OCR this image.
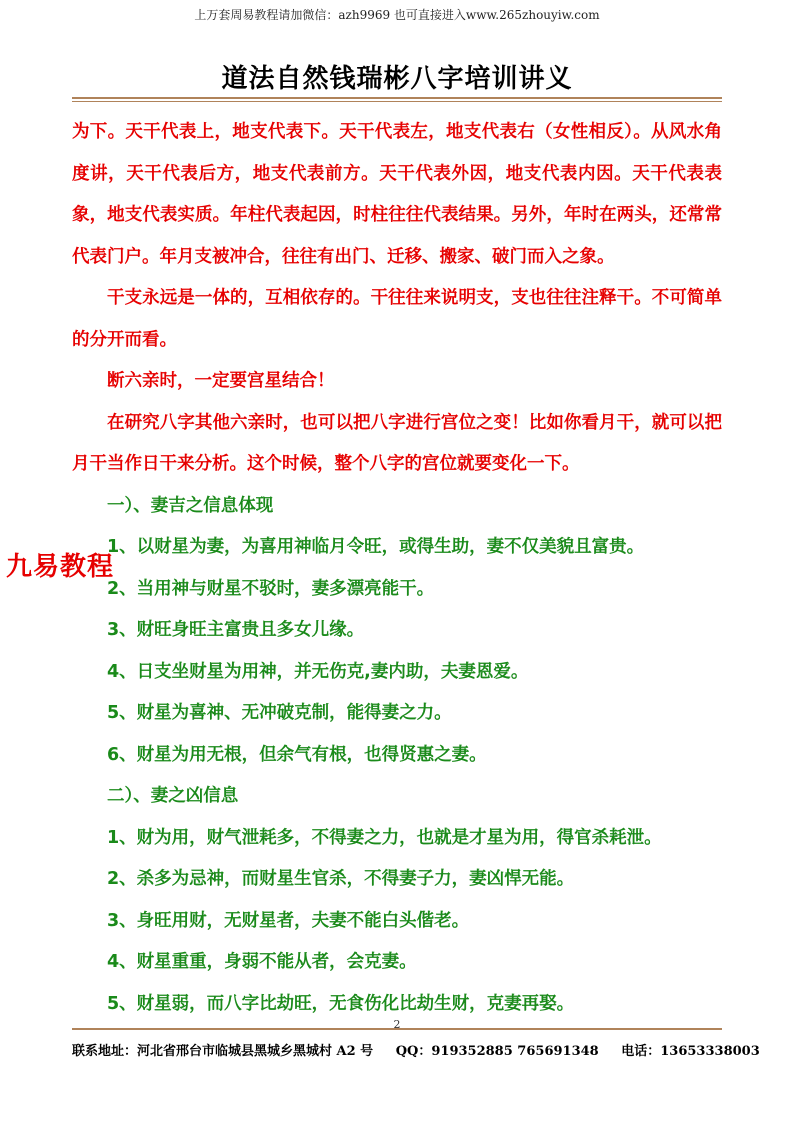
上万套周易教程请加微信：azh9969 也可直接进入www.265zhouyiw.com
道法自然钱瑞彬八字培训讲义

为下。天干代表上，地支代表下。天干代表左，地支代表右（女性相反）。从风水角度讲，天干代表后方，地支代表前方。天干代表外因，地支代表内因。天干代表表象，地支代表实质。年柱代表起因，时柱往往代表结果。另外，年时在两头，还常常代表门户。年月支被冲合，往往有出门、迁移、搬家、破门而入之象。

干支永远是一体的，互相依存的。干往往来说明支，支也往往注释干。不可简单的分开而看。

断六亲时，一定要宫星结合！

在研究八字其他六亲时，也可以把八字进行宫位之变！比如你看月干，就可以把月干当作日干来分析。这个时候，整个八字的宫位就要变化一下。

一）、妻吉之信息体现

1、以财星为妻，为喜用神临月令旺，或得生助，妻不仅美貌且富贵。

2、当用神与财星不驳时，妻多漂亮能干。

3、财旺身旺主富贵且多女儿缘。

4、日支坐财星为用神，并无伤克,妻内助，夫妻恩爱。

5、财星为喜神、无冲破克制，能得妻之力。

6、财星为用无根，但余气有根，也得贤惠之妻。

二）、妻之凶信息

1、财为用，财气泄耗多，不得妻之力，也就是才星为用，得官杀耗泄。

2、杀多为忌神，而财星生官杀，不得妻子力，妻凶悍无能。

3、身旺用财，无财星者，夫妻不能白头偕老。

4、财星重重，身弱不能从者，会克妻。

5、财星弱，而八字比劫旺，无食伤化比劫生财，克妻再娶。

九易教程
2
联系地址：河北省邢台市临城县黑城乡黑城村 A2 号 QQ：919352885 765691348 电话：13653338003
